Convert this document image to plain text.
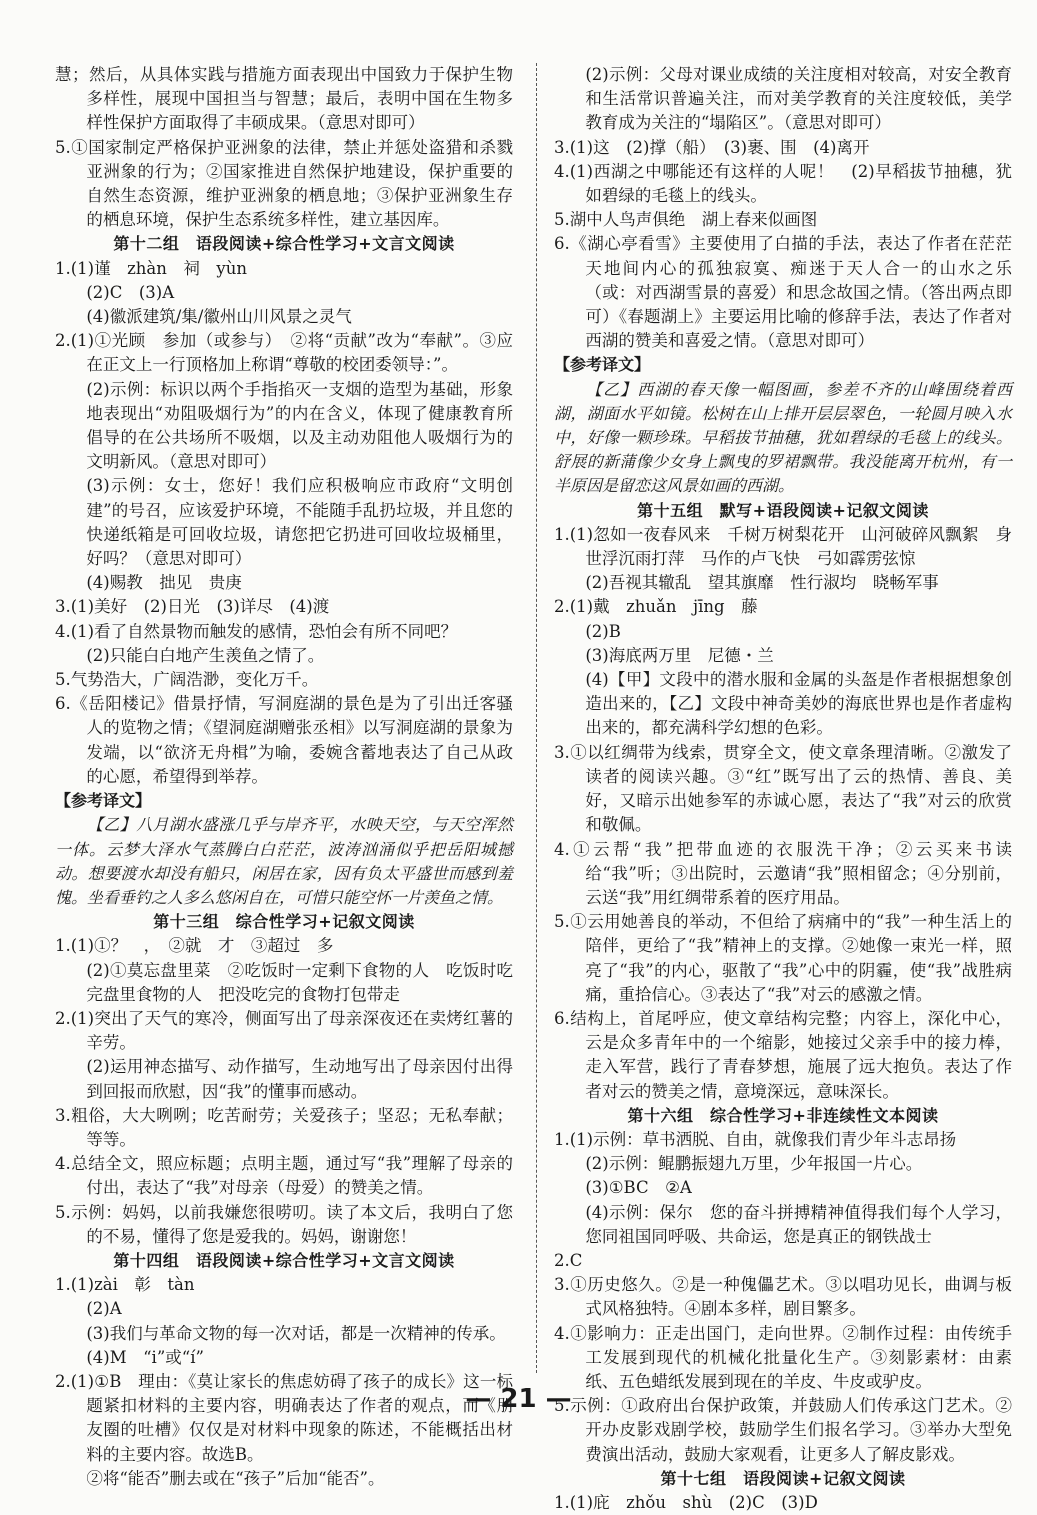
慧；然后，从具体实践与措施方面表现出中国致力于保护生物多样性，展现中国担当与智慧；最后，表明中国在生物多样性保护方面取得了丰硕成果。（意思对即可）

5.①国家制定严格保护亚洲象的法律，禁止并惩处盗猎和杀戮亚洲象的行为；②国家推进自然保护地建设，保护重要的自然生态资源，维护亚洲象的栖息地；③保护亚洲象生存的栖息环境，保护生态系统多样性，建立基因库。

第十二组　语段阅读+综合性学习+文言文阅读

1.(1)谨　zhàn　祠　yùn

(2)C　(3)A

(4)徽派建筑/集/徽州山川风景之灵气

2.(1)①光顾　参加（或参与）　②将“贡献”改为“奉献”。③应在正文上一行顶格加上称谓“尊敬的校团委领导：”。

(2)示例：标识以两个手指掐灭一支烟的造型为基础，形象地表现出“劝阻吸烟行为”的内在含义，体现了健康教育所倡导的在公共场所不吸烟，以及主动劝阻他人吸烟行为的文明新风。（意思对即可）

(3)示例：女士，您好！我们应积极响应市政府“文明创建”的号召，应该爱护环境，不能随手乱扔垃圾，并且您的快递纸箱是可回收垃圾，请您把它扔进可回收垃圾桶里，好吗？（意思对即可）

(4)赐教　拙见　贵庚

3.(1)美好　(2)日光　(3)详尽　(4)渡

4.(1)看了自然景物而触发的感情，恐怕会有所不同吧？

(2)只能白白地产生羡鱼之情了。

5.气势浩大，广阔浩渺，变化万千。

6.《岳阳楼记》借景抒情，写洞庭湖的景色是为了引出迁客骚人的览物之情；《望洞庭湖赠张丞相》以写洞庭湖的景象为发端，以“欲济无舟楫”为喻，委婉含蓄地表达了自己从政的心愿，希望得到举荐。

【参考译文】

【乙】八月湖水盛涨几乎与岸齐平，水映天空，与天空浑然一体。云梦大泽水气蒸腾白白茫茫，波涛汹涌似乎把岳阳城撼动。想要渡水却没有船只，闲居在家，因有负太平盛世而感到羞愧。坐看垂钓之人多么悠闲自在，可惜只能空怀一片羡鱼之情。

第十三组　综合性学习+记叙文阅读

1.(1)①？　，　②就　才　③超过　多

(2)①莫忘盘里菜　②吃饭时一定剩下食物的人　吃饭时吃完盘里食物的人　把没吃完的食物打包带走

2.(1)突出了天气的寒冷，侧面写出了母亲深夜还在卖烤红薯的辛劳。

(2)运用神态描写、动作描写，生动地写出了母亲因付出得到回报而欣慰，因“我”的懂事而感动。

3.粗俗，大大咧咧；吃苦耐劳；关爱孩子；坚忍；无私奉献；等等。

4.总结全文，照应标题；点明主题，通过写“我”理解了母亲的付出，表达了“我”对母亲（母爱）的赞美之情。

5.示例：妈妈，以前我嫌您很唠叨。读了本文后，我明白了您的不易，懂得了您是爱我的。妈妈，谢谢您！

第十四组　语段阅读+综合性学习+文言文阅读

1.(1)zài　彰　tàn

(2)A

(3)我们与革命文物的每一次对话，都是一次精神的传承。

(4)M　“i”或“í”

2.(1)①B　理由：《莫让家长的焦虑妨碍了孩子的成长》这一标题紧扣材料的主要内容，明确表达了作者的观点，而《朋友圈的吐槽》仅仅是对材料中现象的陈述，不能概括出材料的主要内容。故选B。

②将“能否”删去或在“孩子”后加“能否”。

(2)示例：父母对课业成绩的关注度相对较高，对安全教育和生活常识普遍关注，而对美学教育的关注度较低，美学教育成为关注的“塌陷区”。（意思对即可）

3.(1)这　(2)撑（船）　(3)裹、围　(4)离开

4.(1)西湖之中哪能还有这样的人呢！　(2)早稻拔节抽穗，犹如碧绿的毛毯上的线头。

5.湖中人鸟声俱绝　湖上春来似画图

6.《湖心亭看雪》主要使用了白描的手法，表达了作者在茫茫天地间内心的孤独寂寞、痴迷于天人合一的山水之乐（或：对西湖雪景的喜爱）和思念故国之情。（答出两点即可）《春题湖上》主要运用比喻的修辞手法，表达了作者对西湖的赞美和喜爱之情。（意思对即可）

【参考译文】

【乙】西湖的春天像一幅图画，参差不齐的山峰围绕着西湖，湖面水平如镜。松树在山上排开层层翠色，一轮圆月映入水中，好像一颗珍珠。早稻拔节抽穗，犹如碧绿的毛毯上的线头。舒展的新蒲像少女身上飘曳的罗裙飘带。我没能离开杭州，有一半原因是留恋这风景如画的西湖。

第十五组　默写+语段阅读+记叙文阅读

1.(1)忽如一夜春风来　千树万树梨花开　山河破碎风飘絮　身世浮沉雨打萍　马作的卢飞快　弓如霹雳弦惊

(2)吾视其辙乱　望其旗靡　性行淑均　晓畅军事

2.(1)戴　zhuǎn　jīng　藤

(2)B

(3)海底两万里　尼德・兰

(4)【甲】文段中的潜水服和金属的头盔是作者根据想象创造出来的，【乙】文段中神奇美妙的海底世界也是作者虚构出来的，都充满科学幻想的色彩。

3.①以红绸带为线索，贯穿全文，使文章条理清晰。②激发了读者的阅读兴趣。③“红”既写出了云的热情、善良、美好，又暗示出她参军的赤诚心愿，表达了“我”对云的欣赏和敬佩。

4.①云帮“我”把带血迹的衣服洗干净；②云买来书读给“我”听；③出院时，云邀请“我”照相留念；④分别前，云送“我”用红绸带系着的医疗用品。

5.①云用她善良的举动，不但给了病痛中的“我”一种生活上的陪伴，更给了“我”精神上的支撑。②她像一束光一样，照亮了“我”的内心，驱散了“我”心中的阴霾，使“我”战胜病痛，重拾信心。③表达了“我”对云的感激之情。

6.结构上，首尾呼应，使文章结构完整；内容上，深化中心，云是众多青年中的一个缩影，她接过父亲手中的接力棒，走入军营，践行了青春梦想，施展了远大抱负。表达了作者对云的赞美之情，意境深远，意味深长。

第十六组　综合性学习+非连续性文本阅读

1.(1)示例：草书洒脱、自由，就像我们青少年斗志昂扬

(2)示例：鲲鹏振翅九万里，少年报国一片心。

(3)①BC　②A

(4)示例：保尔　您的奋斗拼搏精神值得我们每个人学习，您同祖国同呼吸、共命运，您是真正的钢铁战士

2.C

3.①历史悠久。②是一种傀儡艺术。③以唱功见长，曲调与板式风格独特。④剧本多样，剧目繁多。

4.①影响力：正走出国门，走向世界。②制作过程：由传统手工发展到现代的机械化批量化生产。③刻影素材：由素纸、五色蜡纸发展到现在的羊皮、牛皮或驴皮。

5.示例：①政府出台保护政策，并鼓励人们传承这门艺术。②开办皮影戏剧学校，鼓励学生们报名学习。③举办大型免费演出活动，鼓励大家观看，让更多人了解皮影戏。

第十七组　语段阅读+记叙文阅读

1.(1)庇　zhǒu　shù　(2)C　(3)D

— 21 —
